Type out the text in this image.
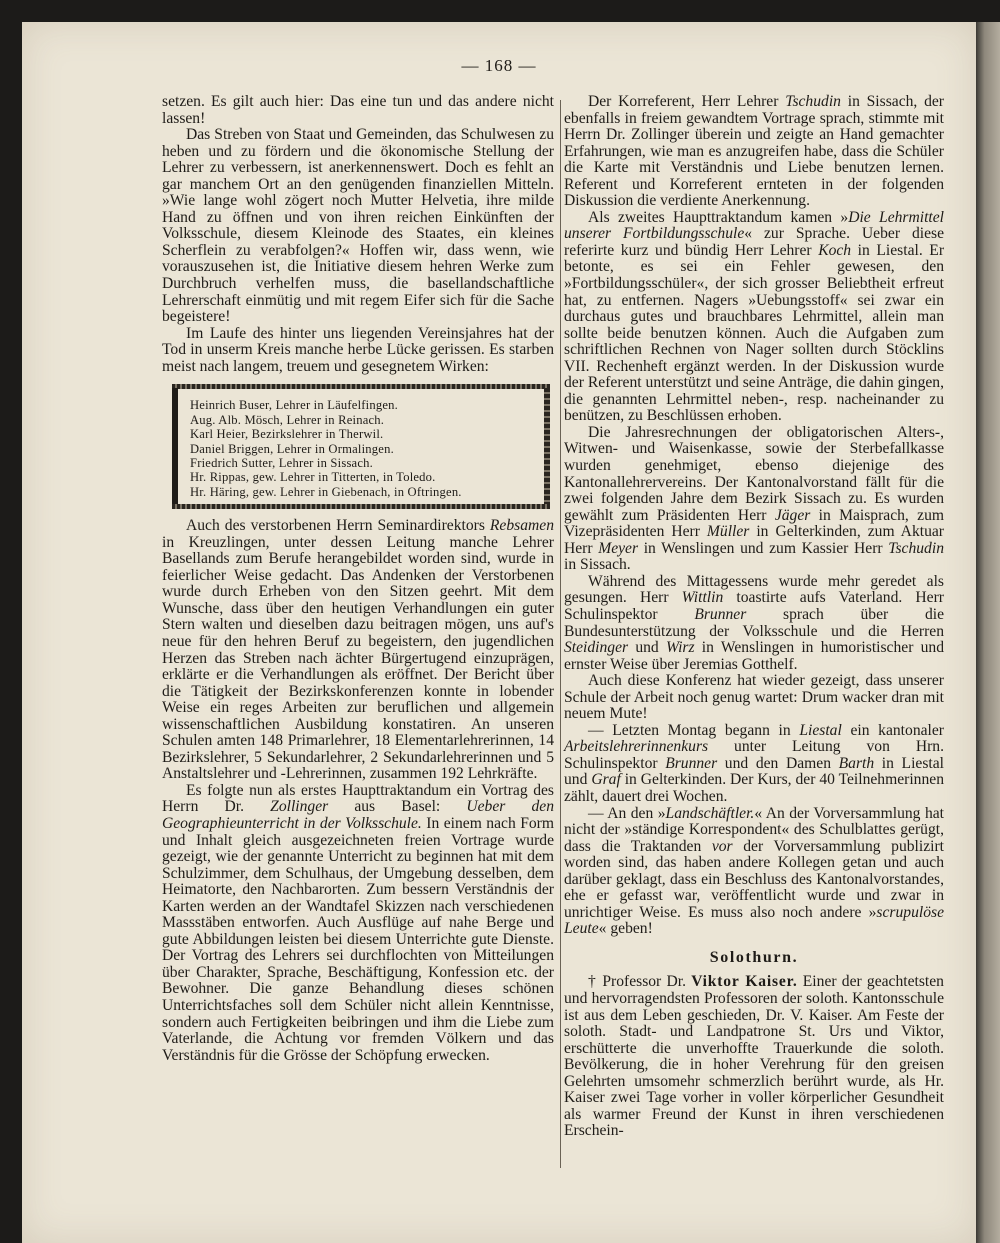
— 168 —

setzen. Es gilt auch hier: Das eine tun und das andere nicht lassen!

Das Streben von Staat und Gemeinden, das Schulwesen zu heben und zu fördern und die ökonomische Stellung der Lehrer zu verbessern, ist anerkennenswert. Doch es fehlt an gar manchem Ort an den genügenden finanziellen Mitteln. »Wie lange wohl zögert noch Mutter Helvetia, ihre milde Hand zu öffnen und von ihren reichen Einkünften der Volksschule, diesem Kleinode des Staates, ein kleines Scherflein zu verabfolgen?« Hoffen wir, dass wenn, wie vorauszusehen ist, die Initiative diesem hehren Werke zum Durchbruch verhelfen muss, die basellandschaftliche Lehrerschaft einmütig und mit regem Eifer sich für die Sache begeistere!

Im Laufe des hinter uns liegenden Vereinsjahres hat der Tod in unserm Kreis manche herbe Lücke gerissen. Es starben meist nach langem, treuem und gesegnetem Wirken:

Heinrich Buser, Lehrer in Läufelfingen.
Aug. Alb. Mösch, Lehrer in Reinach.
Karl Heier, Bezirkslehrer in Therwil.
Daniel Briggen, Lehrer in Ormalingen.
Friedrich Sutter, Lehrer in Sissach.
Hr. Rippas, gew. Lehrer in Titterten, in Toledo.
Hr. Häring, gew. Lehrer in Giebenach, in Oftringen.

Auch des verstorbenen Herrn Seminardirektors Rebsamen in Kreuzlingen, unter dessen Leitung manche Lehrer Basellands zum Berufe herangebildet worden sind, wurde in feierlicher Weise gedacht. Das Andenken der Verstorbenen wurde durch Erheben von den Sitzen geehrt. Mit dem Wunsche, dass über den heutigen Verhandlungen ein guter Stern walten und dieselben dazu beitragen mögen, uns auf's neue für den hehren Beruf zu begeistern, den jugendlichen Herzen das Streben nach ächter Bürgertugend einzuprägen, erklärte er die Verhandlungen als eröffnet. Der Bericht über die Tätigkeit der Bezirkskonferenzen konnte in lobender Weise ein reges Arbeiten zur beruflichen und allgemein wissenschaftlichen Ausbildung konstatiren. An unseren Schulen amten 148 Primarlehrer, 18 Elementarlehrerinnen, 14 Bezirkslehrer, 5 Sekundarlehrer, 2 Sekundarlehrerinnen und 5 Anstaltslehrer und -Lehrerinnen, zusammen 192 Lehrkräfte.

Es folgte nun als erstes Haupttraktandum ein Vortrag des Herrn Dr. Zollinger aus Basel: Ueber den Geographieunterricht in der Volksschule. In einem nach Form und Inhalt gleich ausgezeichneten freien Vortrage wurde gezeigt, wie der genannte Unterricht zu beginnen hat mit dem Schulzimmer, dem Schulhaus, der Umgebung desselben, dem Heimatorte, den Nachbarorten. Zum bessern Verständnis der Karten werden an der Wandtafel Skizzen nach verschiedenen Massstäben entworfen. Auch Ausflüge auf nahe Berge und gute Abbildungen leisten bei diesem Unterrichte gute Dienste. Der Vortrag des Lehrers sei durchflochten von Mitteilungen über Charakter, Sprache, Beschäftigung, Konfession etc. der Bewohner. Die ganze Behandlung dieses schönen Unterrichtsfaches soll dem Schüler nicht allein Kenntnisse, sondern auch Fertigkeiten beibringen und ihm die Liebe zum Vaterlande, die Achtung vor fremden Völkern und das Verständnis für die Grösse der Schöpfung erwecken.

Der Korreferent, Herr Lehrer Tschudin in Sissach, der ebenfalls in freiem gewandtem Vortrage sprach, stimmte mit Herrn Dr. Zollinger überein und zeigte an Hand gemachter Erfahrungen, wie man es anzugreifen habe, dass die Schüler die Karte mit Verständnis und Liebe benutzen lernen. Referent und Korreferent ernteten in der folgenden Diskussion die verdiente Anerkennung.

Als zweites Haupttraktandum kamen »Die Lehrmittel unserer Fortbildungsschule« zur Sprache. Ueber diese referirte kurz und bündig Herr Lehrer Koch in Liestal. Er betonte, es sei ein Fehler gewesen, den »Fortbildungsschüler«, der sich grosser Beliebtheit erfreut hat, zu entfernen. Nagers »Uebungsstoff« sei zwar ein durchaus gutes und brauchbares Lehrmittel, allein man sollte beide benutzen können. Auch die Aufgaben zum schriftlichen Rechnen von Nager sollten durch Stöcklins VII. Rechenheft ergänzt werden. In der Diskussion wurde der Referent unterstützt und seine Anträge, die dahin gingen, die genannten Lehrmittel neben-, resp. nacheinander zu benützen, zu Beschlüssen erhoben.

Die Jahresrechnungen der obligatorischen Alters-, Witwen- und Waisenkasse, sowie der Sterbefallkasse wurden genehmiget, ebenso diejenige des Kantonallehrervereins. Der Kantonalvorstand fällt für die zwei folgenden Jahre dem Bezirk Sissach zu. Es wurden gewählt zum Präsidenten Herr Jäger in Maisprach, zum Vizepräsidenten Herr Müller in Gelterkinden, zum Aktuar Herr Meyer in Wenslingen und zum Kassier Herr Tschudin in Sissach.

Während des Mittagessens wurde mehr geredet als gesungen. Herr Wittlin toastirte aufs Vaterland. Herr Schulinspektor Brunner sprach über die Bundesunterstützung der Volksschule und die Herren Steidinger und Wirz in Wenslingen in humoristischer und ernster Weise über Jeremias Gotthelf.

Auch diese Konferenz hat wieder gezeigt, dass unserer Schule der Arbeit noch genug wartet: Drum wacker dran mit neuem Mute!

— Letzten Montag begann in Liestal ein kantonaler Arbeitslehrerinnenkurs unter Leitung von Hrn. Schulinspektor Brunner und den Damen Barth in Liestal und Graf in Gelterkinden. Der Kurs, der 40 Teilnehmerinnen zählt, dauert drei Wochen.

— An den »Landschäftler.« An der Vorversammlung hat nicht der »ständige Korrespondent« des Schulblattes gerügt, dass die Traktanden vor der Vorversammlung publizirt worden sind, das haben andere Kollegen getan und auch darüber geklagt, dass ein Beschluss des Kantonalvorstandes, ehe er gefasst war, veröffentlicht wurde und zwar in unrichtiger Weise. Es muss also noch andere »scrupulöse Leute« geben!

Solothurn.

† Professor Dr. Viktor Kaiser. Einer der geachtetsten und hervorragendsten Professoren der soloth. Kantonsschule ist aus dem Leben geschieden, Dr. V. Kaiser. Am Feste der soloth. Stadt- und Landpatrone St. Urs und Viktor, erschütterte die unverhoffte Trauerkunde die soloth. Bevölkerung, die in hoher Verehrung für den greisen Gelehrten umsomehr schmerzlich berührt wurde, als Hr. Kaiser zwei Tage vorher in voller körperlicher Gesundheit als warmer Freund der Kunst in ihren verschiedenen Erschein-
